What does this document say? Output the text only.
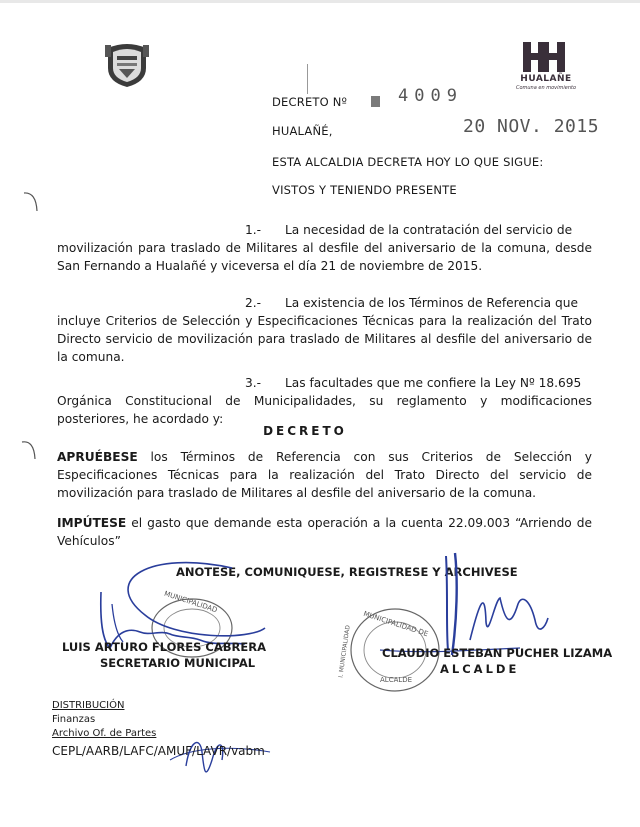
HUALAÑE
Comuna en movimiento
DECRETO Nº	4009
HUALAÑÉ,	20 NOV. 2015
ESTA ALCALDIA DECRETA HOY LO QUE SIGUE:
VISTOS Y TENIENDO PRESENTE
1.- La necesidad de la contratación del servicio de
movilización para traslado de Militares al desfile del aniversario de la comuna, desde San Fernando a Hualañé y viceversa el día 21 de noviembre de 2015.
2.- La existencia de los Términos de Referencia que
incluye Criterios de Selección y Especificaciones Técnicas para la realización del Trato Directo servicio de movilización para traslado de Militares al desfile del aniversario de la comuna.
3.- Las facultades que me confiere la Ley Nº 18.695
Orgánica Constitucional de Municipalidades, su reglamento y modificaciones posteriores, he acordado y:
DECRETO
APRUÉBESE los Términos de Referencia con sus Criterios de Selección y Especificaciones Técnicas para la realización del Trato Directo del servicio de movilización para traslado de Militares al desfile del aniversario de la comuna.
IMPÚTESE el gasto que demande esta operación a la cuenta 22.09.003 “Arriendo de Vehículos”
ANOTESE, COMUNIQUESE, REGISTRESE Y ARCHIVESE
MUNICIPALIDAD
MUNICIPALIDAD DE
I. MUNICIPALIDAD
ALCALDE
LUIS ARTURO FLORES CABRERA
SECRETARIO MUNICIPAL
CLAUDIO ESTEBAN PUCHER LIZAMA
ALCALDE
DISTRIBUCIÓN
Finanzas
Archivo Of. de Partes
CEPL/AARB/LAFC/AMUF/LAVR/vabm
